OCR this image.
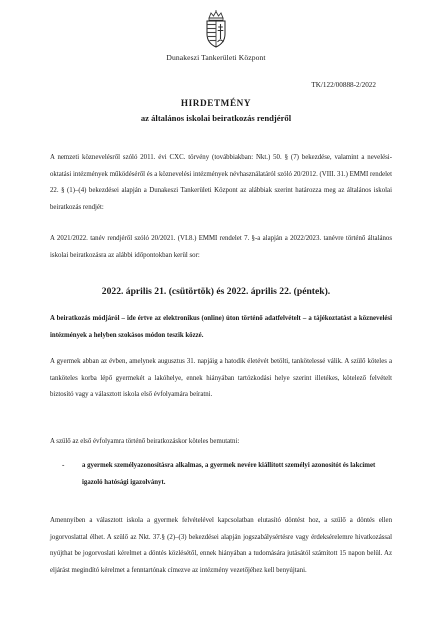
Dunakeszi Tankerületi Központ
TK/122/00888-2/2022
HIRDETMÉNY
az általános iskolai beiratkozás rendjéről
A nemzeti köznevelésről szóló 2011. évi CXC. törvény (továbbiakban: Nkt.) 50. § (7) bekezdése, valamint a nevelési-oktatási intézmények működéséről és a köznevelési intézmények névhasználatáról szóló 20/2012. (VIII. 31.) EMMI rendelet 22. § (1)–(4) bekezdései alapján a Dunakeszi Tankerületi Központ az alábbiak szerint határozza meg az általános iskolai beiratkozás rendjét:
A 2021/2022. tanév rendjéről szóló 20/2021. (VI.8.) EMMI rendelet 7. §-a alapján a 2022/2023. tanévre történő általános iskolai beiratkozásra az alábbi időpontokban kerül sor:
2022. április 21. (csütörtök) és 2022. április 22. (péntek).
A beiratkozás módjáról – ide értve az elektronikus (online) úton történő adatfelvételt – a tájékoztatást a köznevelési intézmények a helyben szokásos módon teszik közzé.
A gyermek abban az évben, amelynek augusztus 31. napjáig a hatodik életévét betölti, tankötelessé válik. A szülő köteles a tanköteles korba lépő gyermekét a lakóhelye, ennek hiányában tartózkodási helye szerint illetékes, kötelező felvételt biztosító vagy a választott iskola első évfolyamára beíratni.
A szülő az első évfolyamra történő beiratkozáskor köteles bemutatni:
-	a gyermek személyazonosításra alkalmas, a gyermek nevére kiállított személyi azonosítót és lakcímet igazoló hatósági igazolványt.
Amennyiben a választott iskola a gyermek felvételével kapcsolatban elutasító döntést hoz, a szülő a döntés ellen jogorvoslattal élhet. A szülő az Nkt. 37.§ (2)–(3) bekezdései alapján jogszabálysértésre vagy érdeksérelemre hivatkozással nyújthat be jogorvoslati kérelmet a döntés közlésétől, ennek hiányában a tudomására jutásától számított 15 napon belül. Az eljárást megindító kérelmet a fenntartónak címezve az intézmény vezetőjéhez kell benyújtani.
